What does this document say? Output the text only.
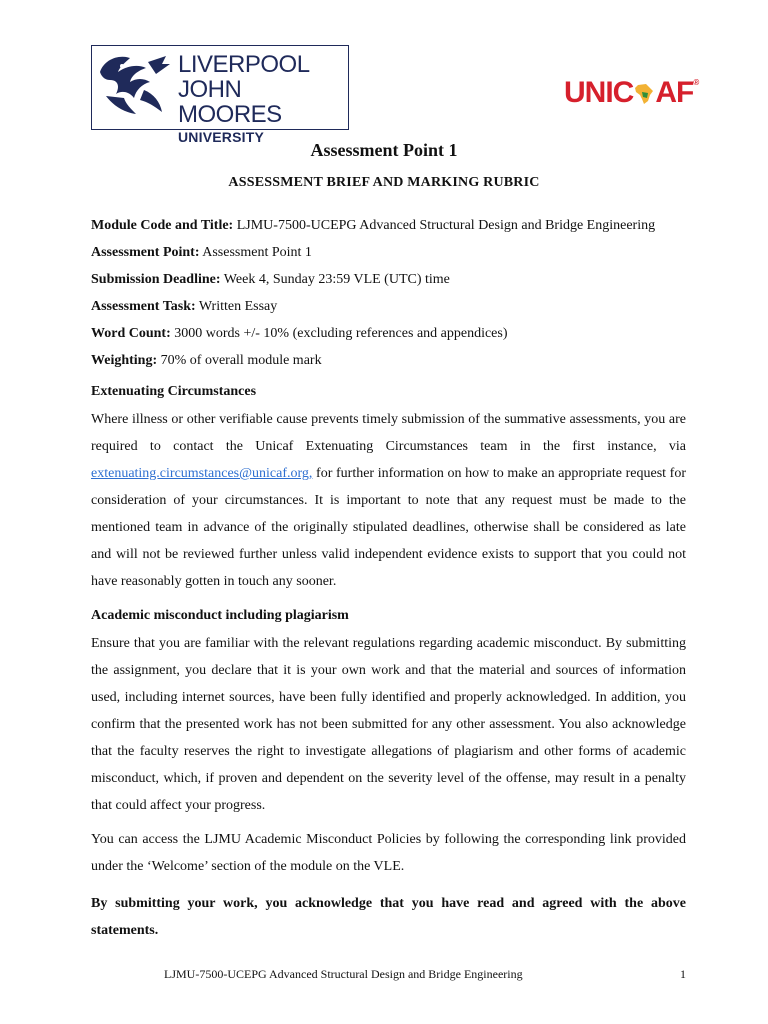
LIVERPOOL
JOHN MOORES
UNIVERSITY
UNIC AF®
Assessment Point 1
ASSESSMENT BRIEF AND MARKING RUBRIC
Module Code and Title: LJMU-7500-UCEPG Advanced Structural Design and Bridge Engineering
Assessment Point: Assessment Point 1
Submission Deadline: Week 4, Sunday 23:59 VLE (UTC) time
Assessment Task: Written Essay
Word Count: 3000 words +/- 10% (excluding references and appendices)
Weighting: 70% of overall module mark
Extenuating Circumstances
Where illness or other verifiable cause prevents timely submission of the summative assessments, you are required to contact the Unicaf Extenuating Circumstances team in the first instance, via extenuating.circumstances@unicaf.org, for further information on how to make an appropriate request for consideration of your circumstances. It is important to note that any request must be made to the mentioned team in advance of the originally stipulated deadlines, otherwise shall be considered as late and will not be reviewed further unless valid independent evidence exists to support that you could not have reasonably gotten in touch any sooner.
Academic misconduct including plagiarism
Ensure that you are familiar with the relevant regulations regarding academic misconduct. By submitting the assignment, you declare that it is your own work and that the material and sources of information used, including internet sources, have been fully identified and properly acknowledged. In addition, you confirm that the presented work has not been submitted for any other assessment. You also acknowledge that the faculty reserves the right to investigate allegations of plagiarism and other forms of academic misconduct, which, if proven and dependent on the severity level of the offense, may result in a penalty that could affect your progress.
You can access the LJMU Academic Misconduct Policies by following the corresponding link provided under the ‘Welcome’ section of the module on the VLE.
By submitting your work, you acknowledge that you have read and agreed with the above statements.
LJMU-7500-UCEPG Advanced Structural Design and Bridge Engineering	1
